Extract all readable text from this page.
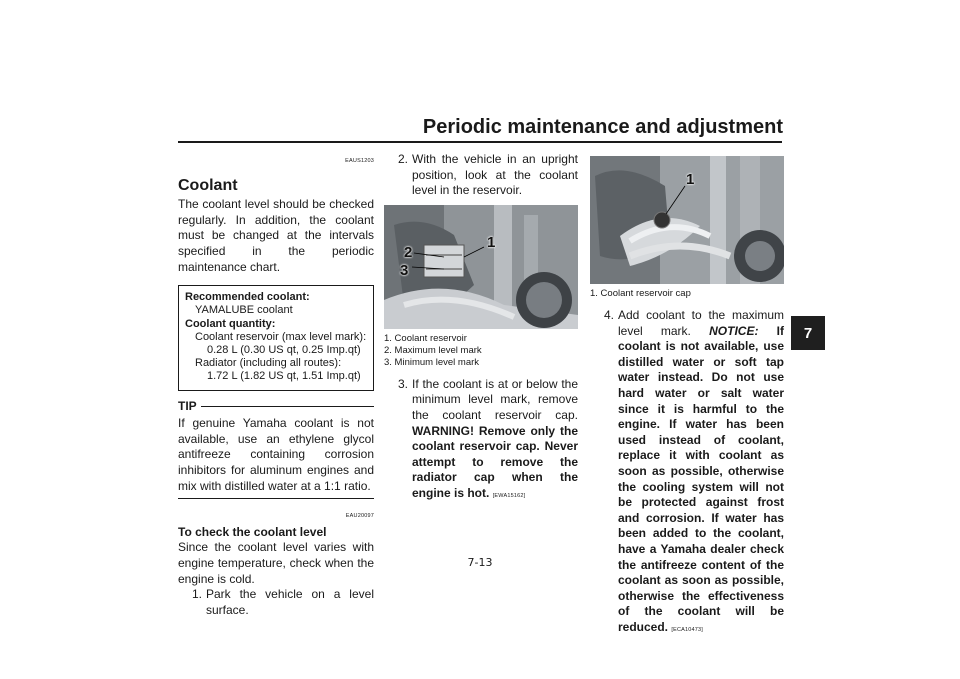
Periodic maintenance and adjustment
7
EAUS1203
Coolant

The coolant level should be checked regularly. In addition, the coolant must be changed at the intervals specified in the periodic maintenance chart.

Recommended coolant:
YAMALUBE coolant
Coolant quantity:
Coolant reservoir (max level mark):
0.28 L (0.30 US qt, 0.25 Imp.qt)
Radiator (including all routes):
1.72 L (1.82 US qt, 1.51 Imp.qt)
TIP

If genuine Yamaha coolant is not available, use an ethylene glycol antifreeze containing corrosion inhibitors for aluminum engines and mix with distilled water at a 1:1 ratio.

EAU20097
To check the coolant level

Since the coolant level varies with engine temperature, check when the engine is cold.

1. Park the vehicle on a level surface.
2. With the vehicle in an upright position, look at the coolant level in the reservoir.
1
2
3
1. Coolant reservoir
2. Maximum level mark
3. Minimum level mark
3. If the coolant is at or below the minimum level mark, remove the coolant reservoir cap. WARNING! Remove only the coolant reservoir cap. Never attempt to remove the radiator cap when the engine is hot. [EWA15162]
1
1. Coolant reservoir cap
4. Add coolant to the maximum level mark. NOTICE: If coolant is not available, use distilled water or soft tap water instead. Do not use hard water or salt water since it is harmful to the engine. If water has been used instead of coolant, replace it with coolant as soon as possible, otherwise the cooling system will not be protected against frost and corrosion. If water has been added to the coolant, have a Yamaha dealer check the antifreeze content of the coolant as soon as possible, otherwise the effectiveness of the coolant will be reduced. [ECA10473]
7-13
